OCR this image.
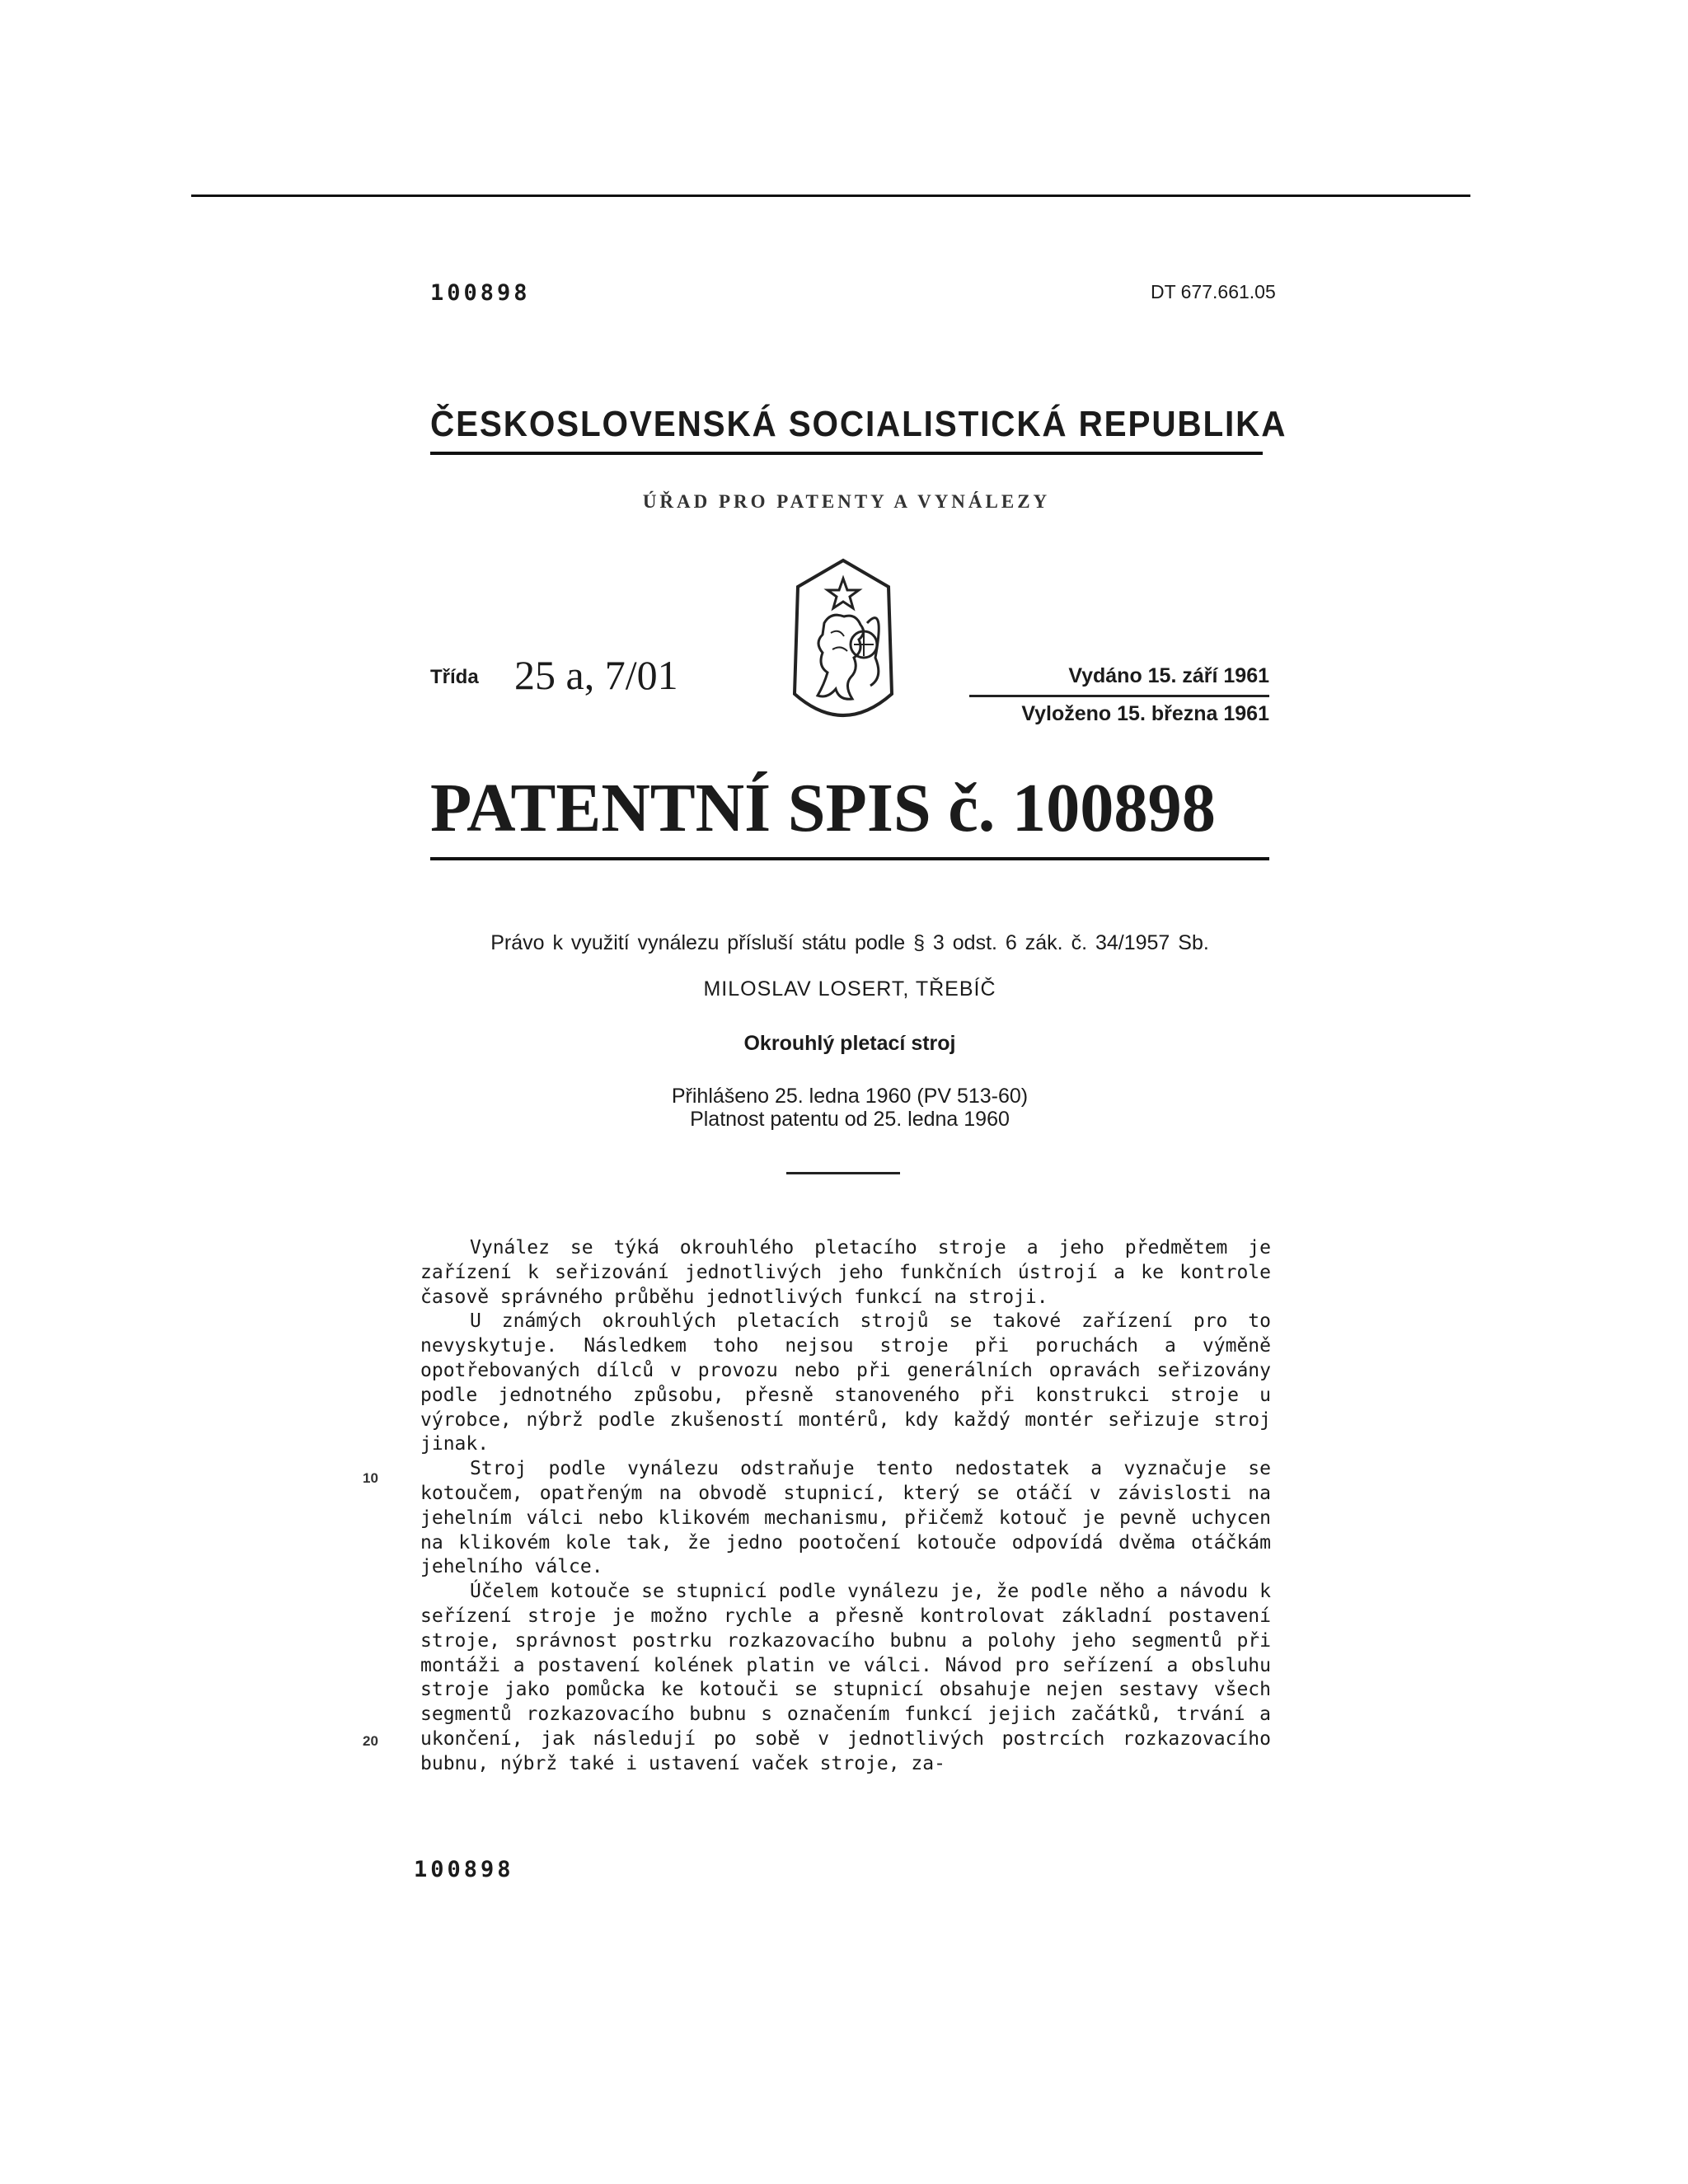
100898	DT 677.661.05
ČESKOSLOVENSKÁ SOCIALISTICKÁ REPUBLIKA
ÚŘAD PRO PATENTY A VYNÁLEZY
Třída 25 a, 7/01	Vydáno 15. září 1961
Vyloženo 15. března 1961
PATENTNÍ SPIS č. 100898
Právo k využití vynálezu přísluší státu podle § 3 odst. 6 zák. č. 34/1957 Sb.
MILOSLAV LOSERT, TŘEBÍČ
Okrouhlý pletací stroj
Přihlášeno 25. ledna 1960 (PV 513-60)
Platnost patentu od 25. ledna 1960

Vynález se týká okrouhlého pletacího stroje a jeho předmětem je zařízení k seřizování jednotlivých jeho funkčních ústrojí a ke kontrole časově správného průběhu jednotlivých funkcí na stroji.

U známých okrouhlých pletacích strojů se takové zařízení pro to nevyskytuje. Následkem toho nejsou stroje při poruchách a výměně opotřebovaných dílců v provozu nebo při generálních opravách seřizovány podle jednotného způsobu, přesně stanoveného při konstrukci stroje u výrobce, nýbrž podle zkušeností montérů, kdy každý montér seřizuje stroj jinak.

Stroj podle vynálezu odstraňuje tento nedostatek a vyznačuje se kotoučem, opatřeným na obvodě stupnicí, který se otáčí v závislosti na jehelním válci nebo klikovém mechanismu, přičemž kotouč je pevně uchycen na klikovém kole tak, že jedno pootočení kotouče odpovídá dvěma otáčkám jehelního válce.

Účelem kotouče se stupnicí podle vynálezu je, že podle něho a návodu k seřízení stroje je možno rychle a přesně kontrolovat základní postavení stroje, správnost postrku rozkazovacího bubnu a polohy jeho segmentů při montáži a postavení kolének platin ve válci. Návod pro seřízení a obsluhu stroje jako pomůcka ke kotouči se stupnicí obsahuje nejen sestavy všech segmentů rozkazovacího bubnu s označením funkcí jejich začátků, trvání a ukončení, jak následují po sobě v jednotlivých postrcích rozkazovacího bubnu, nýbrž také i ustavení vaček stroje, za-

10
20
100898
